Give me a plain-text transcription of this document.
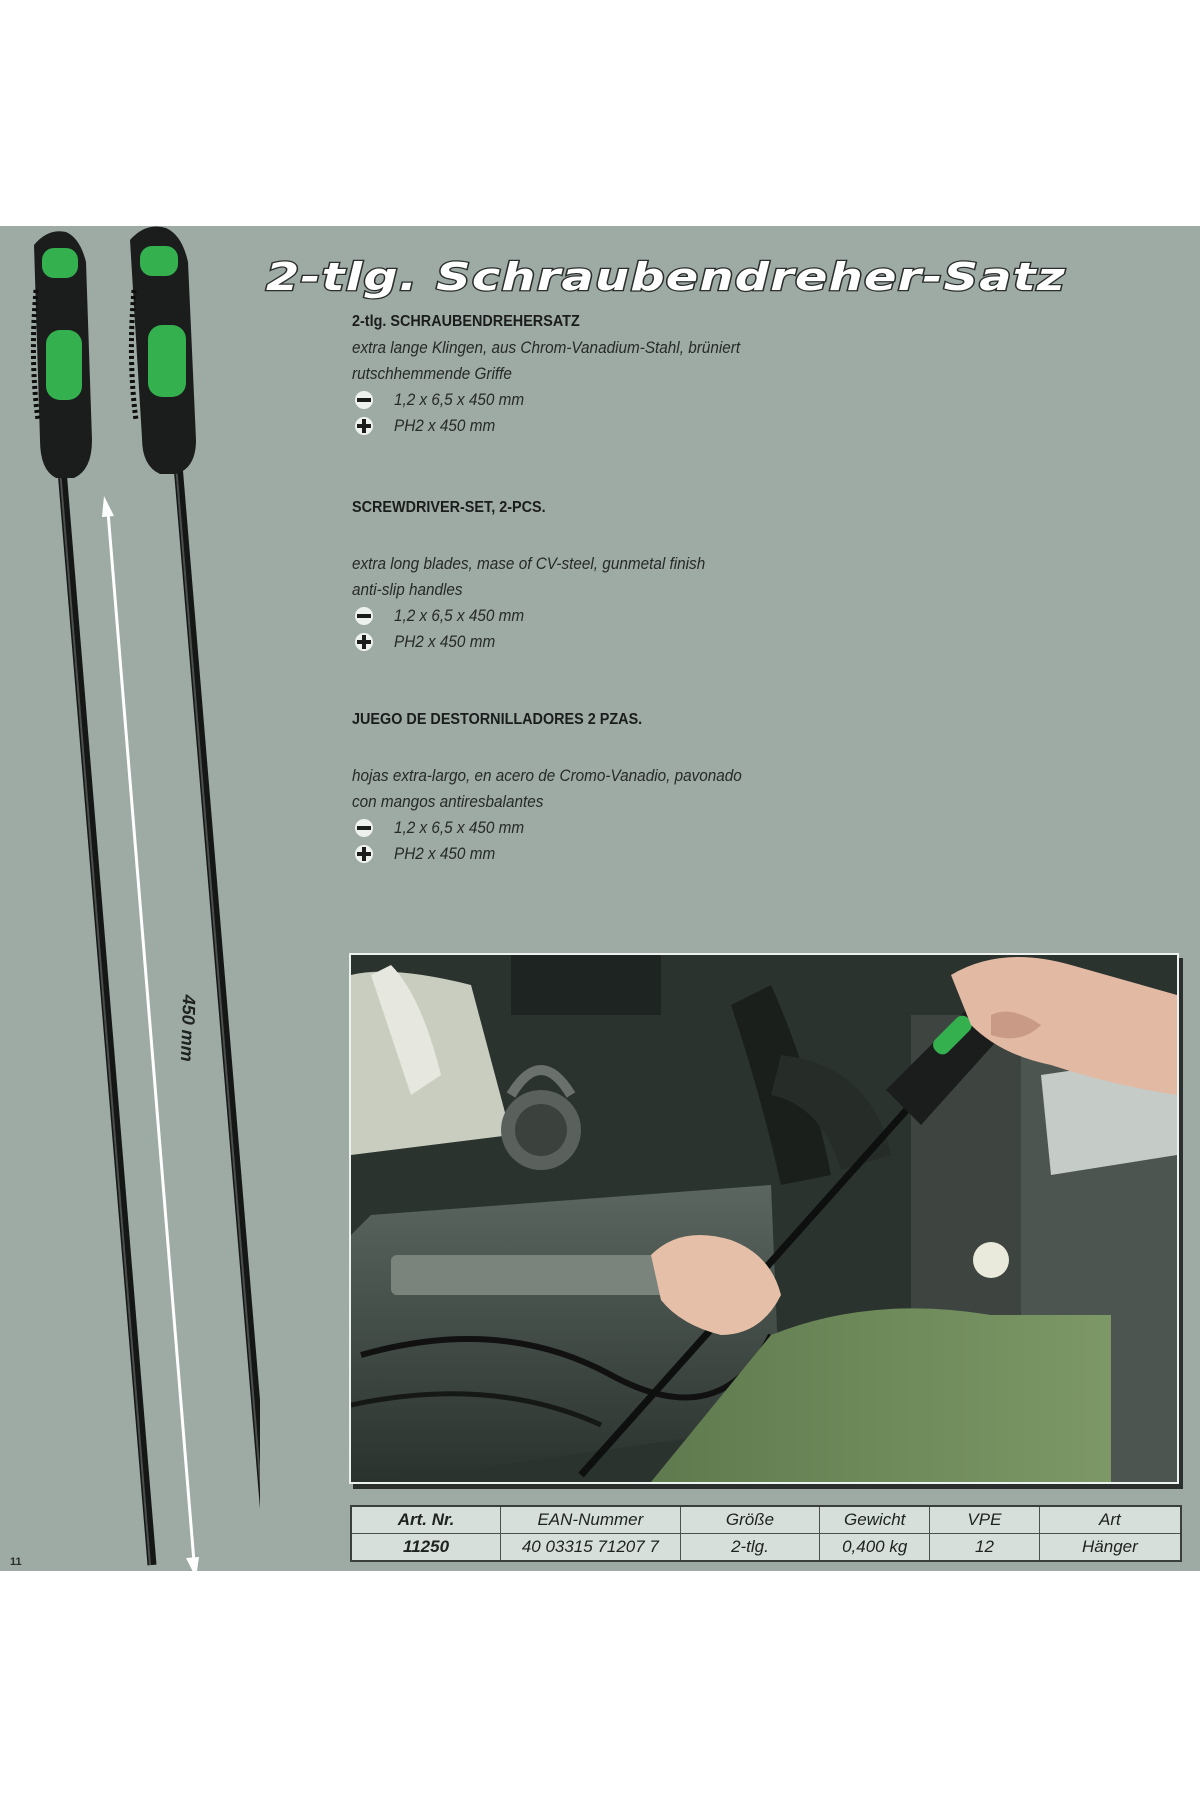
450 mm
2-tlg. Schraubendreher-Satz
2-tlg. SCHRAUBENDREHERSATZ
extra lange Klingen, aus Chrom-Vanadium-Stahl, brüniert
rutschhemmende Griffe
1,2 x 6,5 x 450 mm
PH2 x 450 mm
SCREWDRIVER-SET, 2-PCS.
extra long blades, mase of CV-steel, gunmetal finish
anti-slip handles
1,2 x 6,5 x 450 mm
PH2 x 450 mm
JUEGO DE DESTORNILLADORES 2 PZAS.
hojas extra-largo, en acero de Cromo-Vanadio, pavonado
con mangos antiresbalantes
1,2 x 6,5 x 450 mm
PH2 x 450 mm
Art. Nr.	EAN-Nummer	Größe	Gewicht	VPE	Art
11250	40 03315 71207 7	2-tlg.	0,400 kg	12	Hänger
11
